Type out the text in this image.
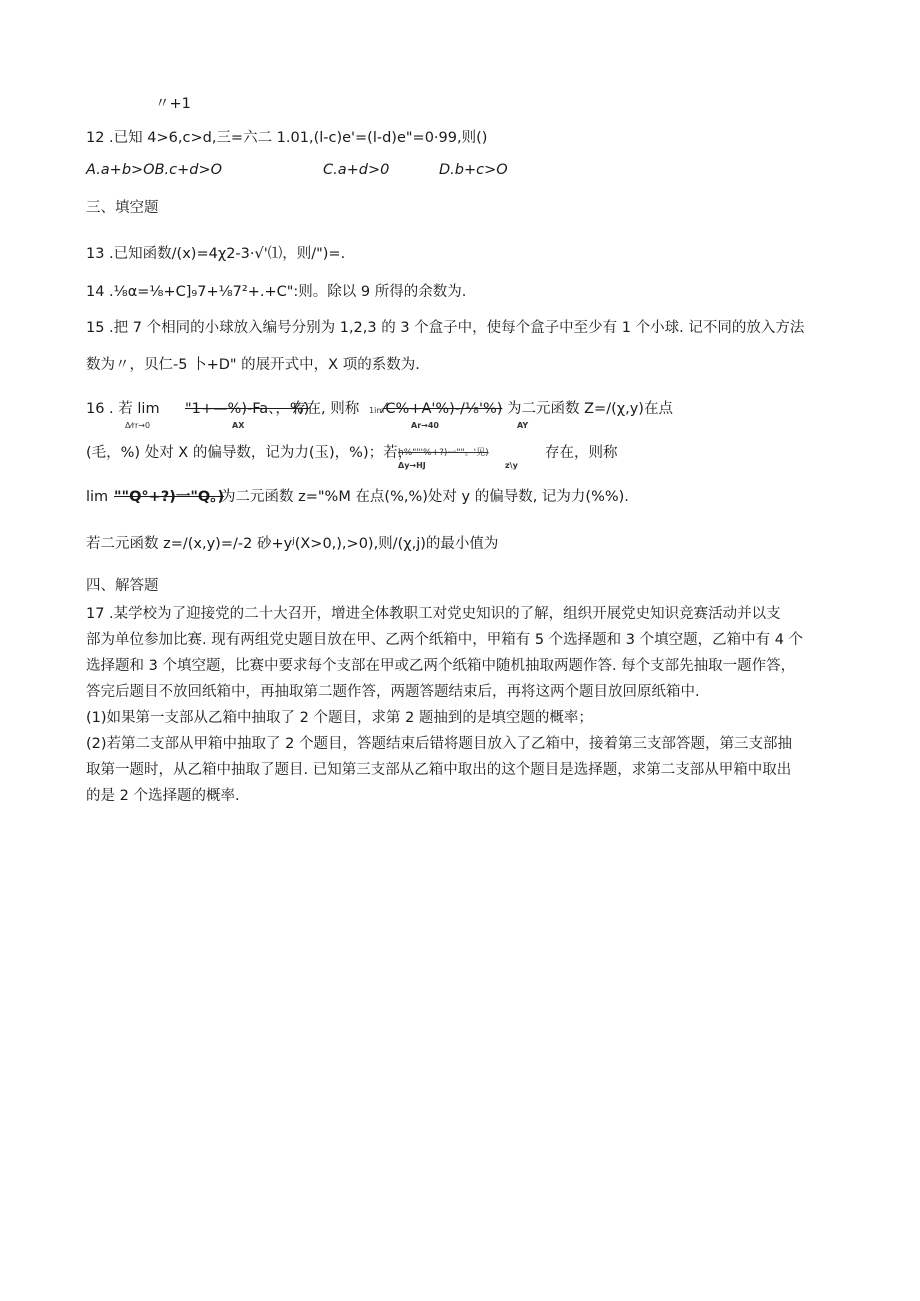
〃+1
12 .已知 4>6,c>d,三=六二 1.01,(l-c)e'=(l-d)e"=0·99,则()
A.a+b>OB.c+d>O	C.a+d>0	D.b+c>O
三、填空题
13 .已知函数/(x)=4χ2-3·√'⑴，则/")=.
14 .⅛α=⅛+C]₉7+⅛7²+.+C":则。除以 9 所得的余数为.
15 .把 7 个相同的小球放入编号分别为 1,2,3 的 3 个盒子中，使每个盒子中至少有 1 个小球. 记不同的放入方法
数为〃，贝仁-5 卜+D" 的展开式中，X 项的系数为.
16 . 若 lim "1+—%)-Fa、，%)
存在, 则称 1im
⁄C%+A'%)-∕⅛'%) 为二元函数 Z=/(χ,y)在点
Δ⁄rr→0	AX	Ar→40	AY
(毛，%) 处对 X 的偏导数，记为力(玉)，%)；若，
h%""'%+?)一""。'见)	存在，则称
Δy→HJ	z\y
lim ""Q°+?)一"Q。)
为二元函数 z="%M 在点(%,%)处对 y 的偏导数, 记为力(%%).
若二元函数 z=/(x,y)=/-2 砂+yʲ(X>0,),>0),则/(χ,j)的最小值为
四、解答题
17 .某学校为了迎接党的二十大召开，增进全体教职工对党史知识的了解，组织开展党史知识竞赛活动并以支
部为单位参加比赛. 现有两组党史题目放在甲、乙两个纸箱中，甲箱有 5 个选择题和 3 个填空题，乙箱中有 4 个
选择题和 3 个填空题，比赛中要求每个支部在甲或乙两个纸箱中随机抽取两题作答. 每个支部先抽取一题作答，
答完后题目不放回纸箱中，再抽取第二题作答，两题答题结束后，再将这两个题目放回原纸箱中.
(1)如果第一支部从乙箱中抽取了 2 个题目，求第 2 题抽到的是填空题的概率；
(2)若第二支部从甲箱中抽取了 2 个题目，答题结束后错将题目放入了乙箱中，接着第三支部答题，第三支部抽
取第一题时，从乙箱中抽取了题目. 已知第三支部从乙箱中取出的这个题目是选择题，求第二支部从甲箱中取出
的是 2 个选择题的概率.
